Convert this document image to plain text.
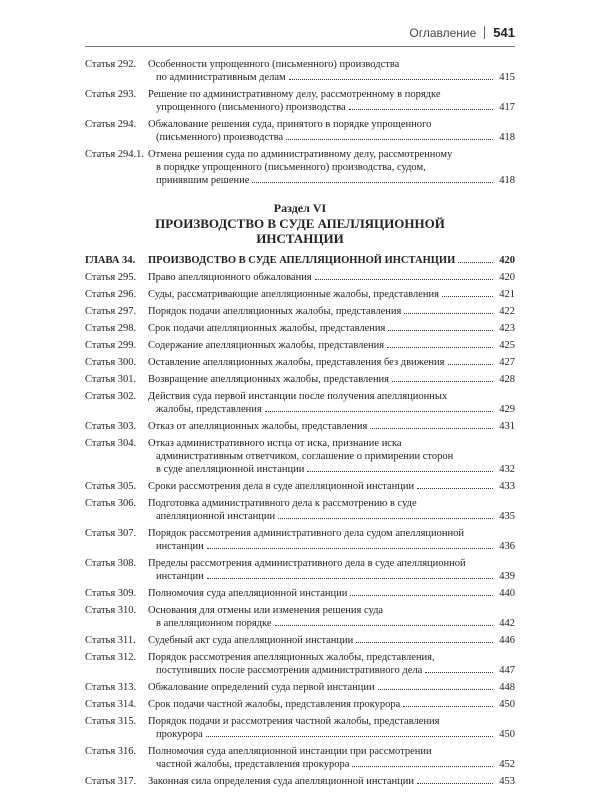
Оглавление 541
Статья 292.	Особенности упрощенного (письменного) производства
по административным делам	415
Статья 293.	Решение по административному делу, рассмотренному в порядке
упрощенного (письменного) производства	417
Статья 294.	Обжалование решения суда, принятого в порядке упрощенного
(письменного) производства	418
Статья 294.1. Отмена решения суда по административному делу, рассмотренному
в порядке упрощенного (письменного) производства, судом,
принявшим решение	418
Раздел VI
ПРОИЗВОДСТВО В СУДЕ АПЕЛЛЯЦИОННОЙ
ИНСТАНЦИИ
ГЛАВА 34.	ПРОИЗВОДСТВО В СУДЕ АПЕЛЛЯЦИОННОЙ ИНСТАНЦИИ	420
Статья 295.	Право апелляционного обжалования	420
Статья 296.	Суды, рассматривающие апелляционные жалобы, представления	421
Статья 297.	Порядок подачи апелляционных жалобы, представления	422
Статья 298.	Срок подачи апелляционных жалобы, представления	423
Статья 299.	Содержание апелляционных жалобы, представления	425
Статья 300.	Оставление апелляционных жалобы, представления без движения	427
Статья 301.	Возвращение апелляционных жалобы, представления	428
Статья 302.	Действия суда первой инстанции после получения апелляционных
жалобы, представления	429
Статья 303.	Отказ от апелляционных жалобы, представления	431
Статья 304.	Отказ административного истца от иска, признание иска
административным ответчиком, соглашение о примирении сторон
в суде апелляционной инстанции	432
Статья 305.	Сроки рассмотрения дела в суде апелляционной инстанции	433
Статья 306.	Подготовка административного дела к рассмотрению в суде
апелляционной инстанции	435
Статья 307.	Порядок рассмотрения административного дела судом апелляционной
инстанции	436
Статья 308.	Пределы рассмотрения административного дела в суде апелляционной
инстанции	439
Статья 309.	Полномочия суда апелляционной инстанции	440
Статья 310.	Основания для отмены или изменения решения суда
в апелляционном порядке	442
Статья 311.	Судебный акт суда апелляционной инстанции	446
Статья 312.	Порядок рассмотрения апелляционных жалобы, представления,
поступивших после рассмотрения административного дела	447
Статья 313.	Обжалование определений суда первой инстанции	448
Статья 314.	Срок подачи частной жалобы, представления прокурора	450
Статья 315.	Порядок подачи и рассмотрения частной жалобы, представления
прокурора	450
Статья 316.	Полномочия суда апелляционной инстанции при рассмотрении
частной жалобы, представления прокурора	452
Статья 317.	Законная сила определения суда апелляционной инстанции	453
